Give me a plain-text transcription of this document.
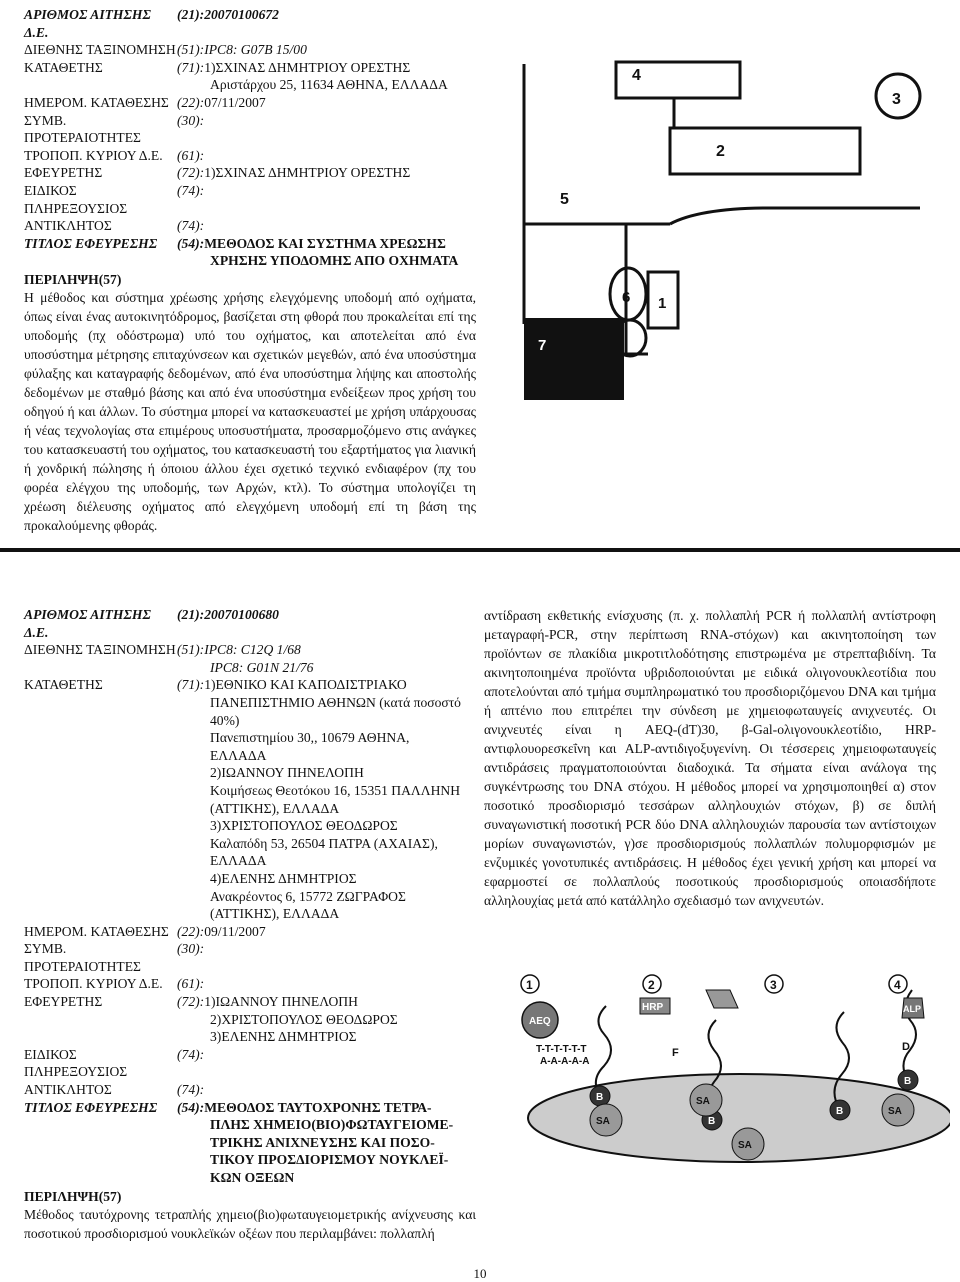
ΑΡΙΘΜΟΣ ΑΙΤΗΣΗΣ Δ.Ε.
(21):20070100672
ΔΙΕΘΝΗΣ ΤΑΞΙΝΟΜΗΣΗ (51):IPC8: G07B 15/00
ΚΑΤΑΘΕΤΗΣ	(71):1)ΣΧΙΝΑΣ ΔΗΜΗΤΡΙΟΥ ΟΡΕΣΤΗΣ
Αριστάρχου 25, 11634 ΑΘΗΝΑ, ΕΛΛΑΔΑ
ΗΜΕΡΟΜ. ΚΑΤΑΘΕΣΗΣ (22):07/11/2007
ΣΥΜΒ. ΠΡΟΤΕΡΑΙΟΤΗΤΕΣ
(30):
ΤΡΟΠΟΠ. ΚΥΡΙΟΥ Δ.Ε.	(61):
ΕΦΕΥΡΕΤΗΣ	(72):1)ΣΧΙΝΑΣ ΔΗΜΗΤΡΙΟΥ ΟΡΕΣΤΗΣ
ΕΙΔΙΚΟΣ ΠΛΗΡΕΞΟΥΣΙΟΣ
(74):
ΑΝΤΙΚΛΗΤΟΣ	(74):
ΤΙΤΛΟΣ ΕΦΕΥΡΕΣΗΣ	(54):ΜΕΘΟΔΟΣ ΚΑΙ ΣΥΣΤΗΜΑ ΧΡΕΩΣΗΣ
ΧΡΗΣΗΣ ΥΠΟΔΟΜΗΣ ΑΠΟ ΟΧΗΜΑΤΑ
ΠΕΡΙΛΗΨΗ(57)
Η μέθοδος και σύστημα χρέωσης χρήσης ελεγχόμενης υποδομή από οχήματα, όπως είναι ένας αυτοκινητόδρομος, βασίζεται στη φθορά που προκαλείται επί της υποδομής (πχ οδόστρωμα) υπό του οχήματος, και αποτελείται από ένα υποσύστημα μέτρησης επιταχύνσεων και σχετικών μεγεθών, από ένα υποσύστημα φύλαξης και καταγραφής δεδομένων, από ένα υποσύστημα λήψης και αποστολής δεδομένων με σταθμό βάσης και από ένα υποσύστημα ενδείξεων προς χρήση του οδηγού ή και άλλων. Το σύστημα μπορεί να κατασκευαστεί με χρήση υπάρχουσας ή νέας τεχνολογίας στα επιμέρους υποσυστήματα, προσαρμοζόμενο στις ανάγκες του κατασκευαστή του οχήματος, του κατασκευαστή του εξαρτήματος για λιανική ή χονδρική πώλησης ή όποιου άλλου έχει σχετικό τεχνικό ενδιαφέρον (πχ του φορέα ελέγχου της υποδομής, των Αρχών, κτλ). Το σύστημα υπολογίζει τη χρέωση διέλευσης οχήματος από ελεγχόμενη υποδομή επί τη βάση της προκαλούμενης φθοράς.
4
3
2
5
6 1
7
ΑΡΙΘΜΟΣ ΑΙΤΗΣΗΣ Δ.Ε.
(21):20070100680
ΔΙΕΘΝΗΣ ΤΑΞΙΝΟΜΗΣΗ (51):IPC8: C12Q 1/68
IPC8: G01N 21/76
ΚΑΤΑΘΕΤΗΣ	(71):1)ΕΘΝΙΚΟ ΚΑΙ ΚΑΠΟΔΙΣΤΡΙΑΚΟ
ΠΑΝΕΠΙΣΤΗΜΙΟ ΑΘΗΝΩΝ (κατά ποσοστό
40%)
Πανεπιστημίου 30,, 10679 ΑΘΗΝΑ,
ΕΛΛΑΔΑ
2)ΙΩΑΝΝΟΥ ΠΗΝΕΛΟΠΗ
Κοιμήσεως Θεοτόκου 16, 15351 ΠΑΛΛΗΝΗ
(ΑΤΤΙΚΗΣ), ΕΛΛΑΔΑ
3)ΧΡΙΣΤΟΠΟΥΛΟΣ ΘΕΟΔΩΡΟΣ
Καλαπόδη 53, 26504 ΠΑΤΡΑ (ΑΧΑΙΑΣ),
ΕΛΛΑΔΑ
4)ΕΛΕΝΗΣ ΔΗΜΗΤΡΙΟΣ
Ανακρέοντος 6, 15772 ΖΩΓΡΑΦΟΣ
(ΑΤΤΙΚΗΣ), ΕΛΛΑΔΑ
ΗΜΕΡΟΜ. ΚΑΤΑΘΕΣΗΣ (22):09/11/2007
ΣΥΜΒ. ΠΡΟΤΕΡΑΙΟΤΗΤΕΣ
(30):
ΤΡΟΠΟΠ. ΚΥΡΙΟΥ Δ.Ε.	(61):
ΕΦΕΥΡΕΤΗΣ	(72):1)ΙΩΑΝΝΟΥ ΠΗΝΕΛΟΠΗ
2)ΧΡΙΣΤΟΠΟΥΛΟΣ ΘΕΟΔΩΡΟΣ
3)ΕΛΕΝΗΣ ΔΗΜΗΤΡΙΟΣ
ΕΙΔΙΚΟΣ ΠΛΗΡΕΞΟΥΣΙΟΣ
(74):
ΑΝΤΙΚΛΗΤΟΣ	(74):
ΤΙΤΛΟΣ ΕΦΕΥΡΕΣΗΣ	(54):ΜΕΘΟΔΟΣ ΤΑΥΤΟΧΡΟΝΗΣ ΤΕΤΡΑ-
ΠΛΗΣ ΧΗΜΕΙΟ(ΒΙΟ)ΦΩΤΑΥΓΕΙΟΜΕ-
ΤΡΙΚΗΣ ΑΝΙΧΝΕΥΣΗΣ ΚΑΙ ΠΟΣΟ-
ΤΙΚΟΥ ΠΡΟΣΔΙΟΡΙΣΜΟΥ ΝΟΥΚΛΕΪ-
ΚΩΝ ΟΞΕΩΝ
ΠΕΡΙΛΗΨΗ(57)
Μέθοδος ταυτόχρονης τετραπλής χημειο(βιο)φωταυγειομετρικής ανίχνευσης και ποσοτικού προσδιορισμού νουκλεϊκών οξέων που περιλαμβάνει: πολλαπλή
αντίδραση εκθετικής ενίσχυσης (π. χ. πολλαπλή PCR ή πολλαπλή αντίστροφη μεταγραφή-PCR, στην περίπτωση RNA-στόχων) και ακινητοποίηση των προϊόντων σε πλακίδια μικροτιτλοδότησης επιστρωμένα με στρεπταβιδίνη. Τα ακινητοποιημένα προϊόντα υβριδοποιούνται με ειδικά ολιγονουκλεοτίδια που αποτελούνται από τμήμα συμπληρωματικό του προσδιοριζόμενου DNA και τμήμα ή απτένιο που επιτρέπει την σύνδεση με χημειοφωταυγείς ανιχνευτές. Οι ανιχνευτές είναι η AEQ-(dT)30, β-Gal-ολιγονουκλεοτίδιο, HRP-αντιφλουορεσκεΐνη και ALP-αντιδιγοξυγενίνη. Οι τέσσερεις χημειοφωταυγείς αντιδράσεις πραγματοποιούνται διαδοχικά. Τα σήματα είναι ανάλογα της συγκέντρωσης του DNA στόχου. Η μέθοδος μπορεί να χρησιμοποιηθεί α) στον ποσοτικό προσδιορισμό τεσσάρων αλληλουχιών στόχων, β) σε διπλή συναγωνιστική ποσοτική PCR δύο DNA αλληλουχιών παρουσία των αντίστοιχων μορίων συναγωνιστών, γ)σε προσδιορισμούς πολλαπλών πολυμορφισμών με ενζυμικές γονοτυπικές αντιδράσεις. Η μέθοδος έχει γενική χρήση και μπορεί να εφαρμοστεί σε πολλαπλούς ποσοτικούς προσδιορισμούς οποιασδήποτε αλληλουχίας μετά από κατάλληλο σχεδιασμό των ανιχνευτών.
1	2	3	4
AEQ
HRP	ALP
F	D
T-T-T-T-T-T
A-A-A-A-A
B
SA	B
SA
SA
B
B
SA
10
